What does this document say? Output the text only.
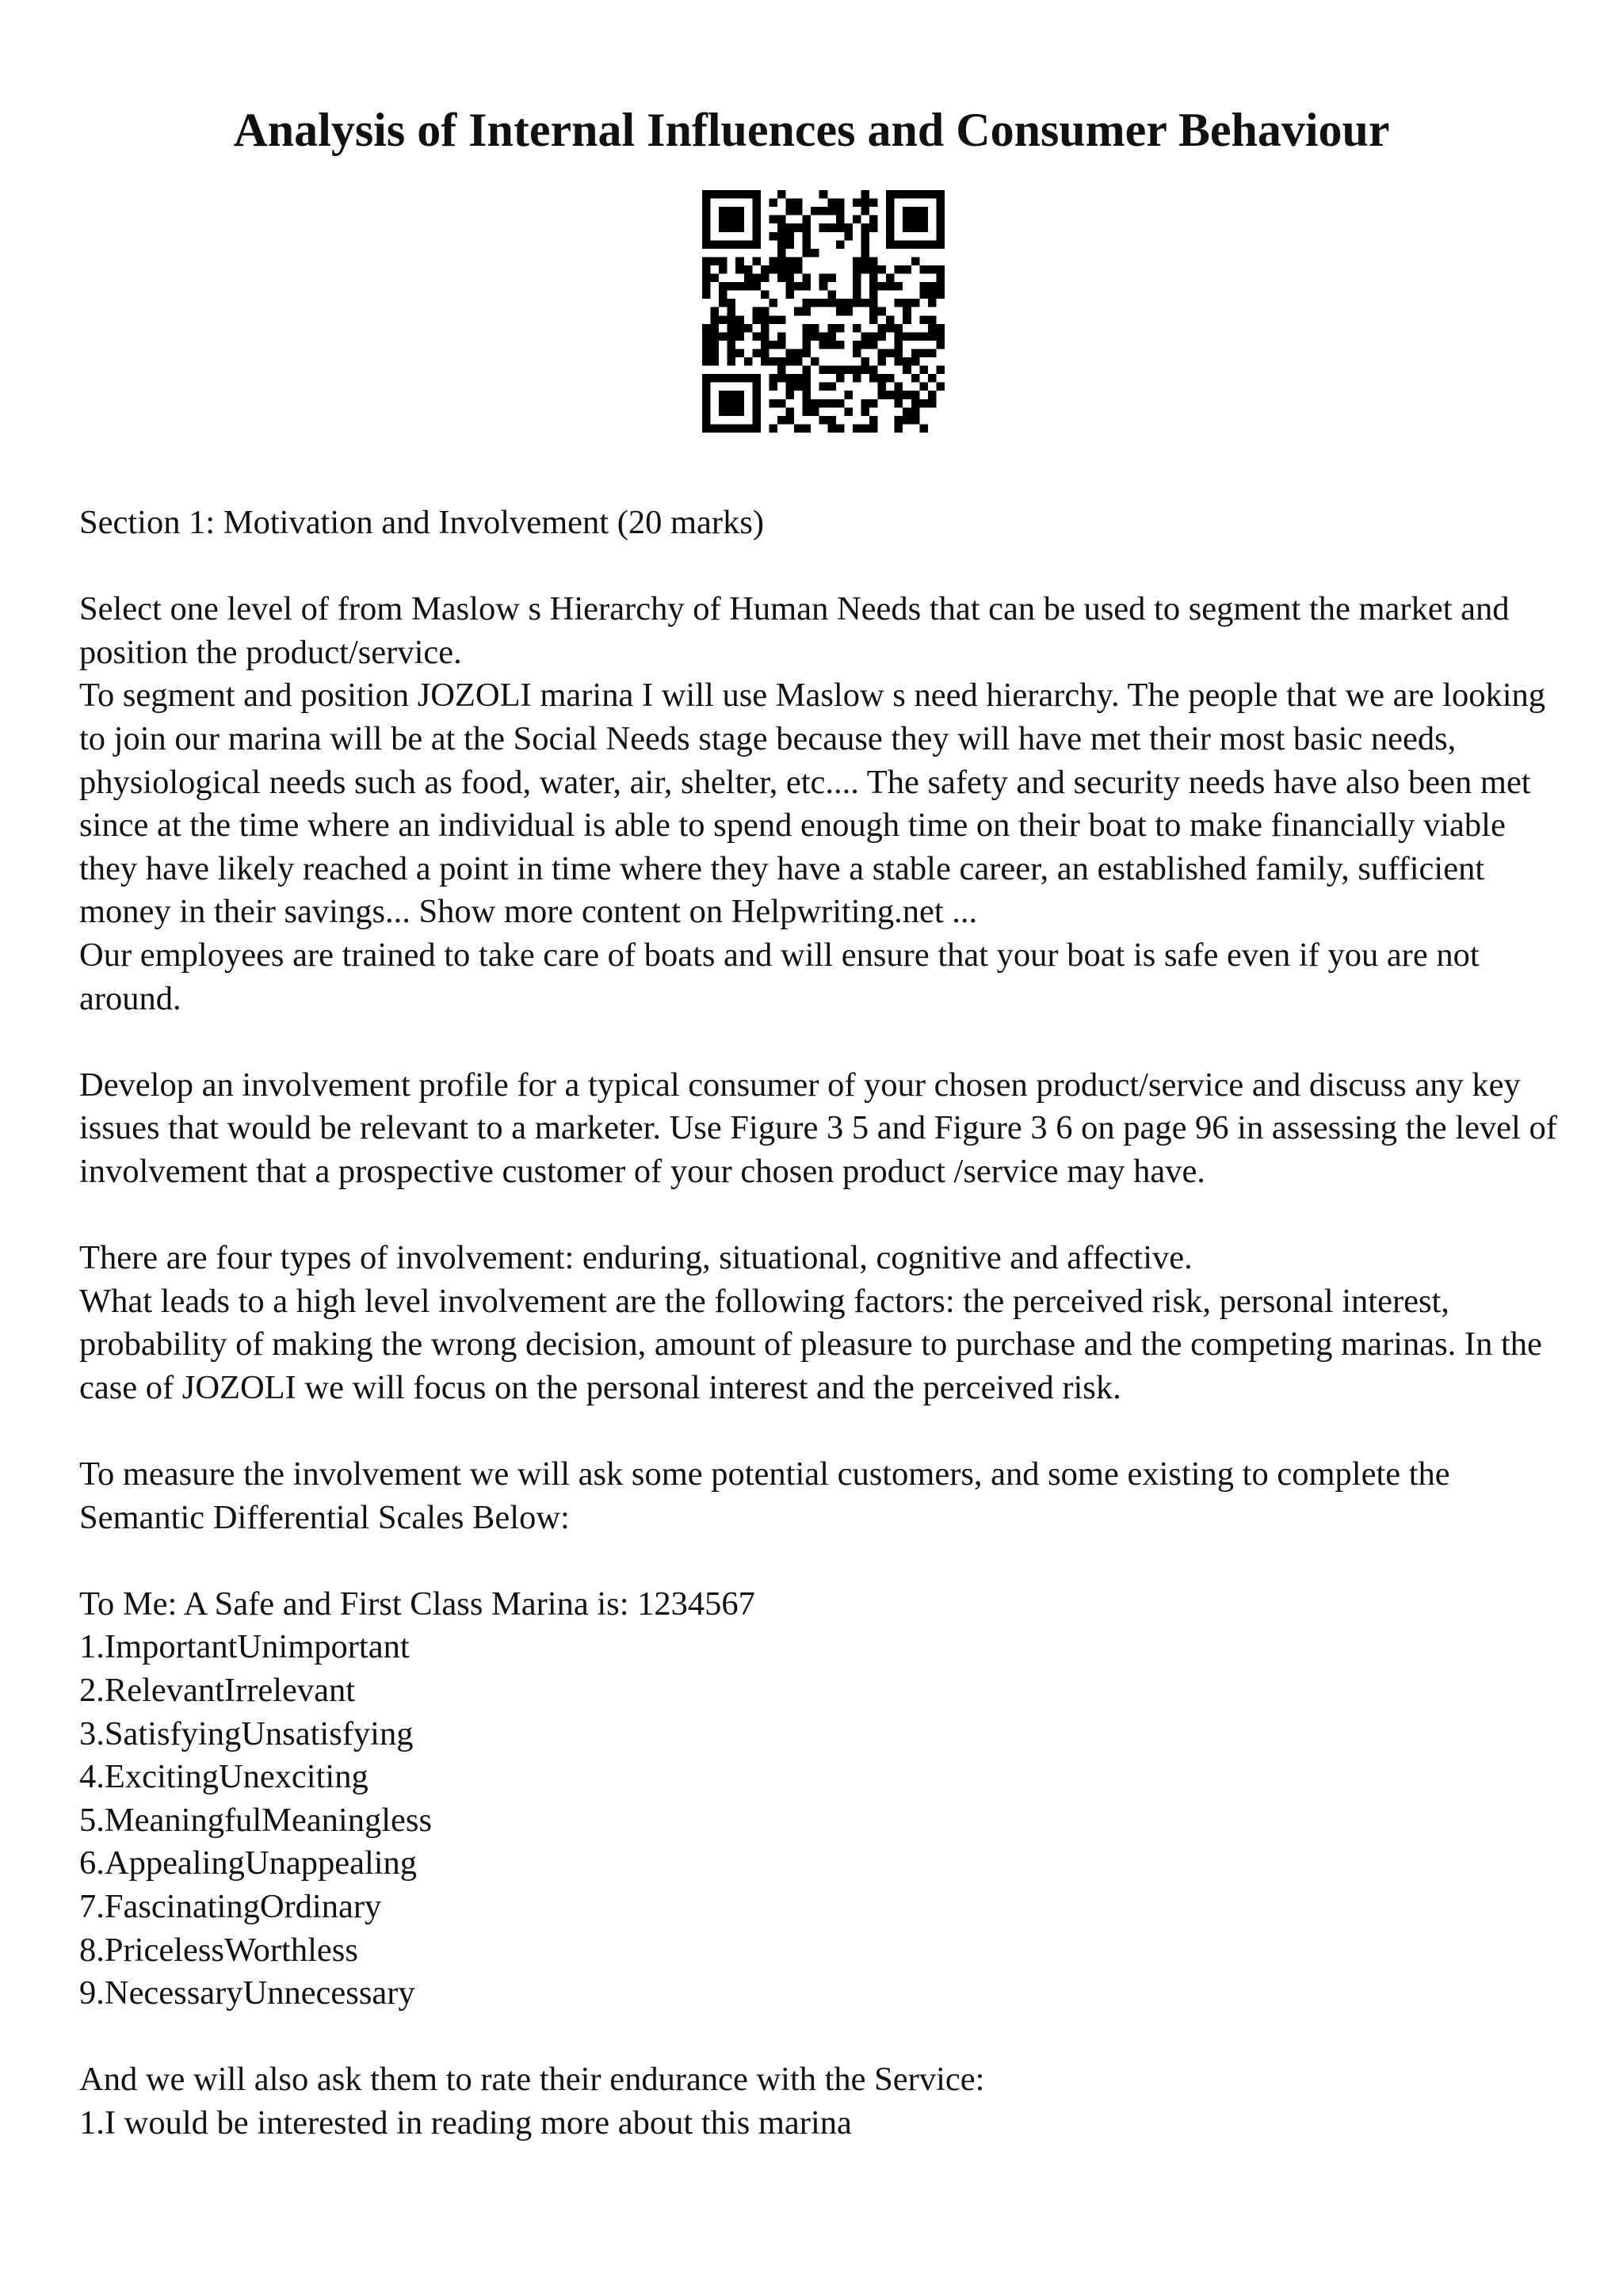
Analysis of Internal Influences and Consumer Behaviour

Section 1: Motivation and Involvement (20 marks)

Select one level of from Maslow s Hierarchy of Human Needs that can be used to segment the market and position the product/service.

To segment and position JOZOLI marina I will use Maslow s need hierarchy. The people that we are looking to join our marina will be at the Social Needs stage because they will have met their most basic needs, physiological needs such as food, water, air, shelter, etc.... The safety and security needs have also been met since at the time where an individual is able to spend enough time on their boat to make financially viable they have likely reached a point in time where they have a stable career, an established family, sufficient money in their savings... Show more content on Helpwriting.net ...

Our employees are trained to take care of boats and will ensure that your boat is safe even if you are not around.

Develop an involvement profile for a typical consumer of your chosen product/service and discuss any key issues that would be relevant to a marketer. Use Figure 3 5 and Figure 3 6 on page 96 in assessing the level of involvement that a prospective customer of your chosen product /service may have.

There are four types of involvement: enduring, situational, cognitive and affective.

What leads to a high level involvement are the following factors: the perceived risk, personal interest, probability of making the wrong decision, amount of pleasure to purchase and the competing marinas. In the case of JOZOLI we will focus on the personal interest and the perceived risk.

To measure the involvement we will ask some potential customers, and some existing to complete the Semantic Differential Scales Below:

To Me: A Safe and First Class Marina is: 1234567

1.ImportantUnimportant

2.RelevantIrrelevant

3.SatisfyingUnsatisfying

4.ExcitingUnexciting

5.MeaningfulMeaningless

6.AppealingUnappealing

7.FascinatingOrdinary

8.PricelessWorthless

9.NecessaryUnnecessary

And we will also ask them to rate their endurance with the Service:

1.I would be interested in reading more about this marina
